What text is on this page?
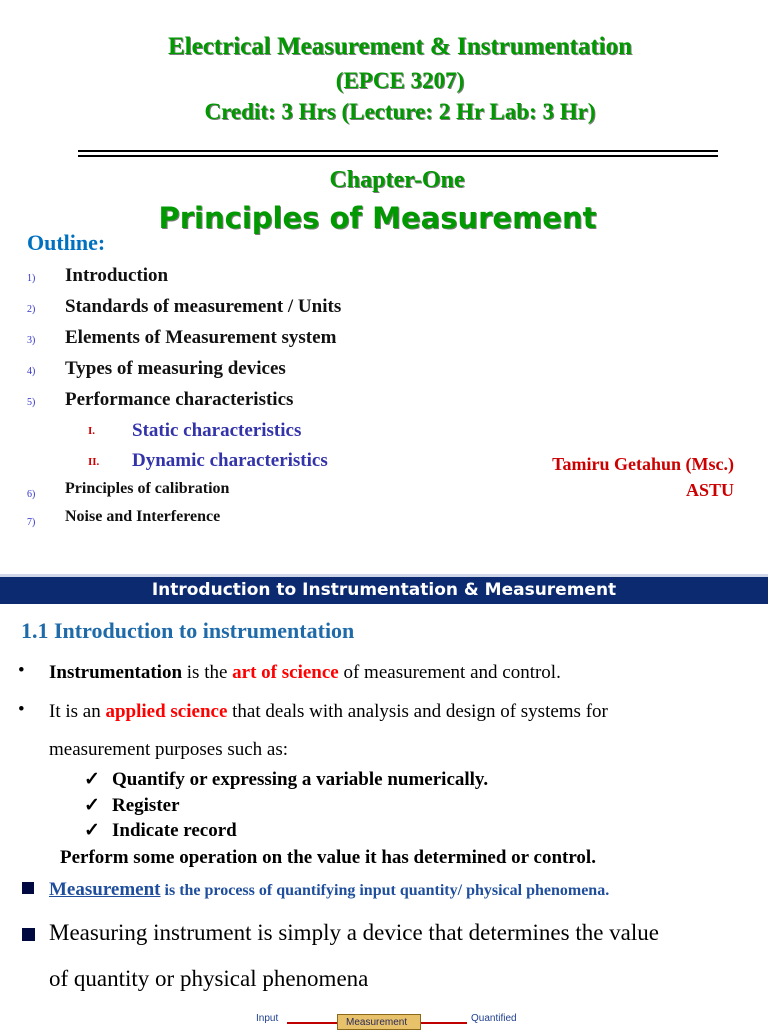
Electrical Measurement & Instrumentation
(EPCE 3207)
Credit: 3 Hrs (Lecture: 2 Hr Lab: 3 Hr)
Chapter-One
Principles of Measurement
Outline:
1) Introduction
2) Standards of measurement / Units
3) Elements of Measurement system
4) Types of measuring devices
5) Performance characteristics
I. Static characteristics
II. Dynamic characteristics
6) Principles of calibration
7) Noise and Interference
Tamiru Getahun (Msc.)
ASTU
Introduction to Instrumentation & Measurement
1.1 Introduction to instrumentation
• Instrumentation is the art of science of measurement and control.
• It is an applied science that deals with analysis and design of systems for
measurement purposes such as:
✓ Quantify or expressing a variable numerically.
✓ Register
✓ Indicate record
Perform some operation on the value it has determined or control.
Measurement is the process of quantifying input quantity/ physical phenomena.
Measuring instrument is simply a device that determines the value
of quantity or physical phenomena
Input	Measurement	Quantified
